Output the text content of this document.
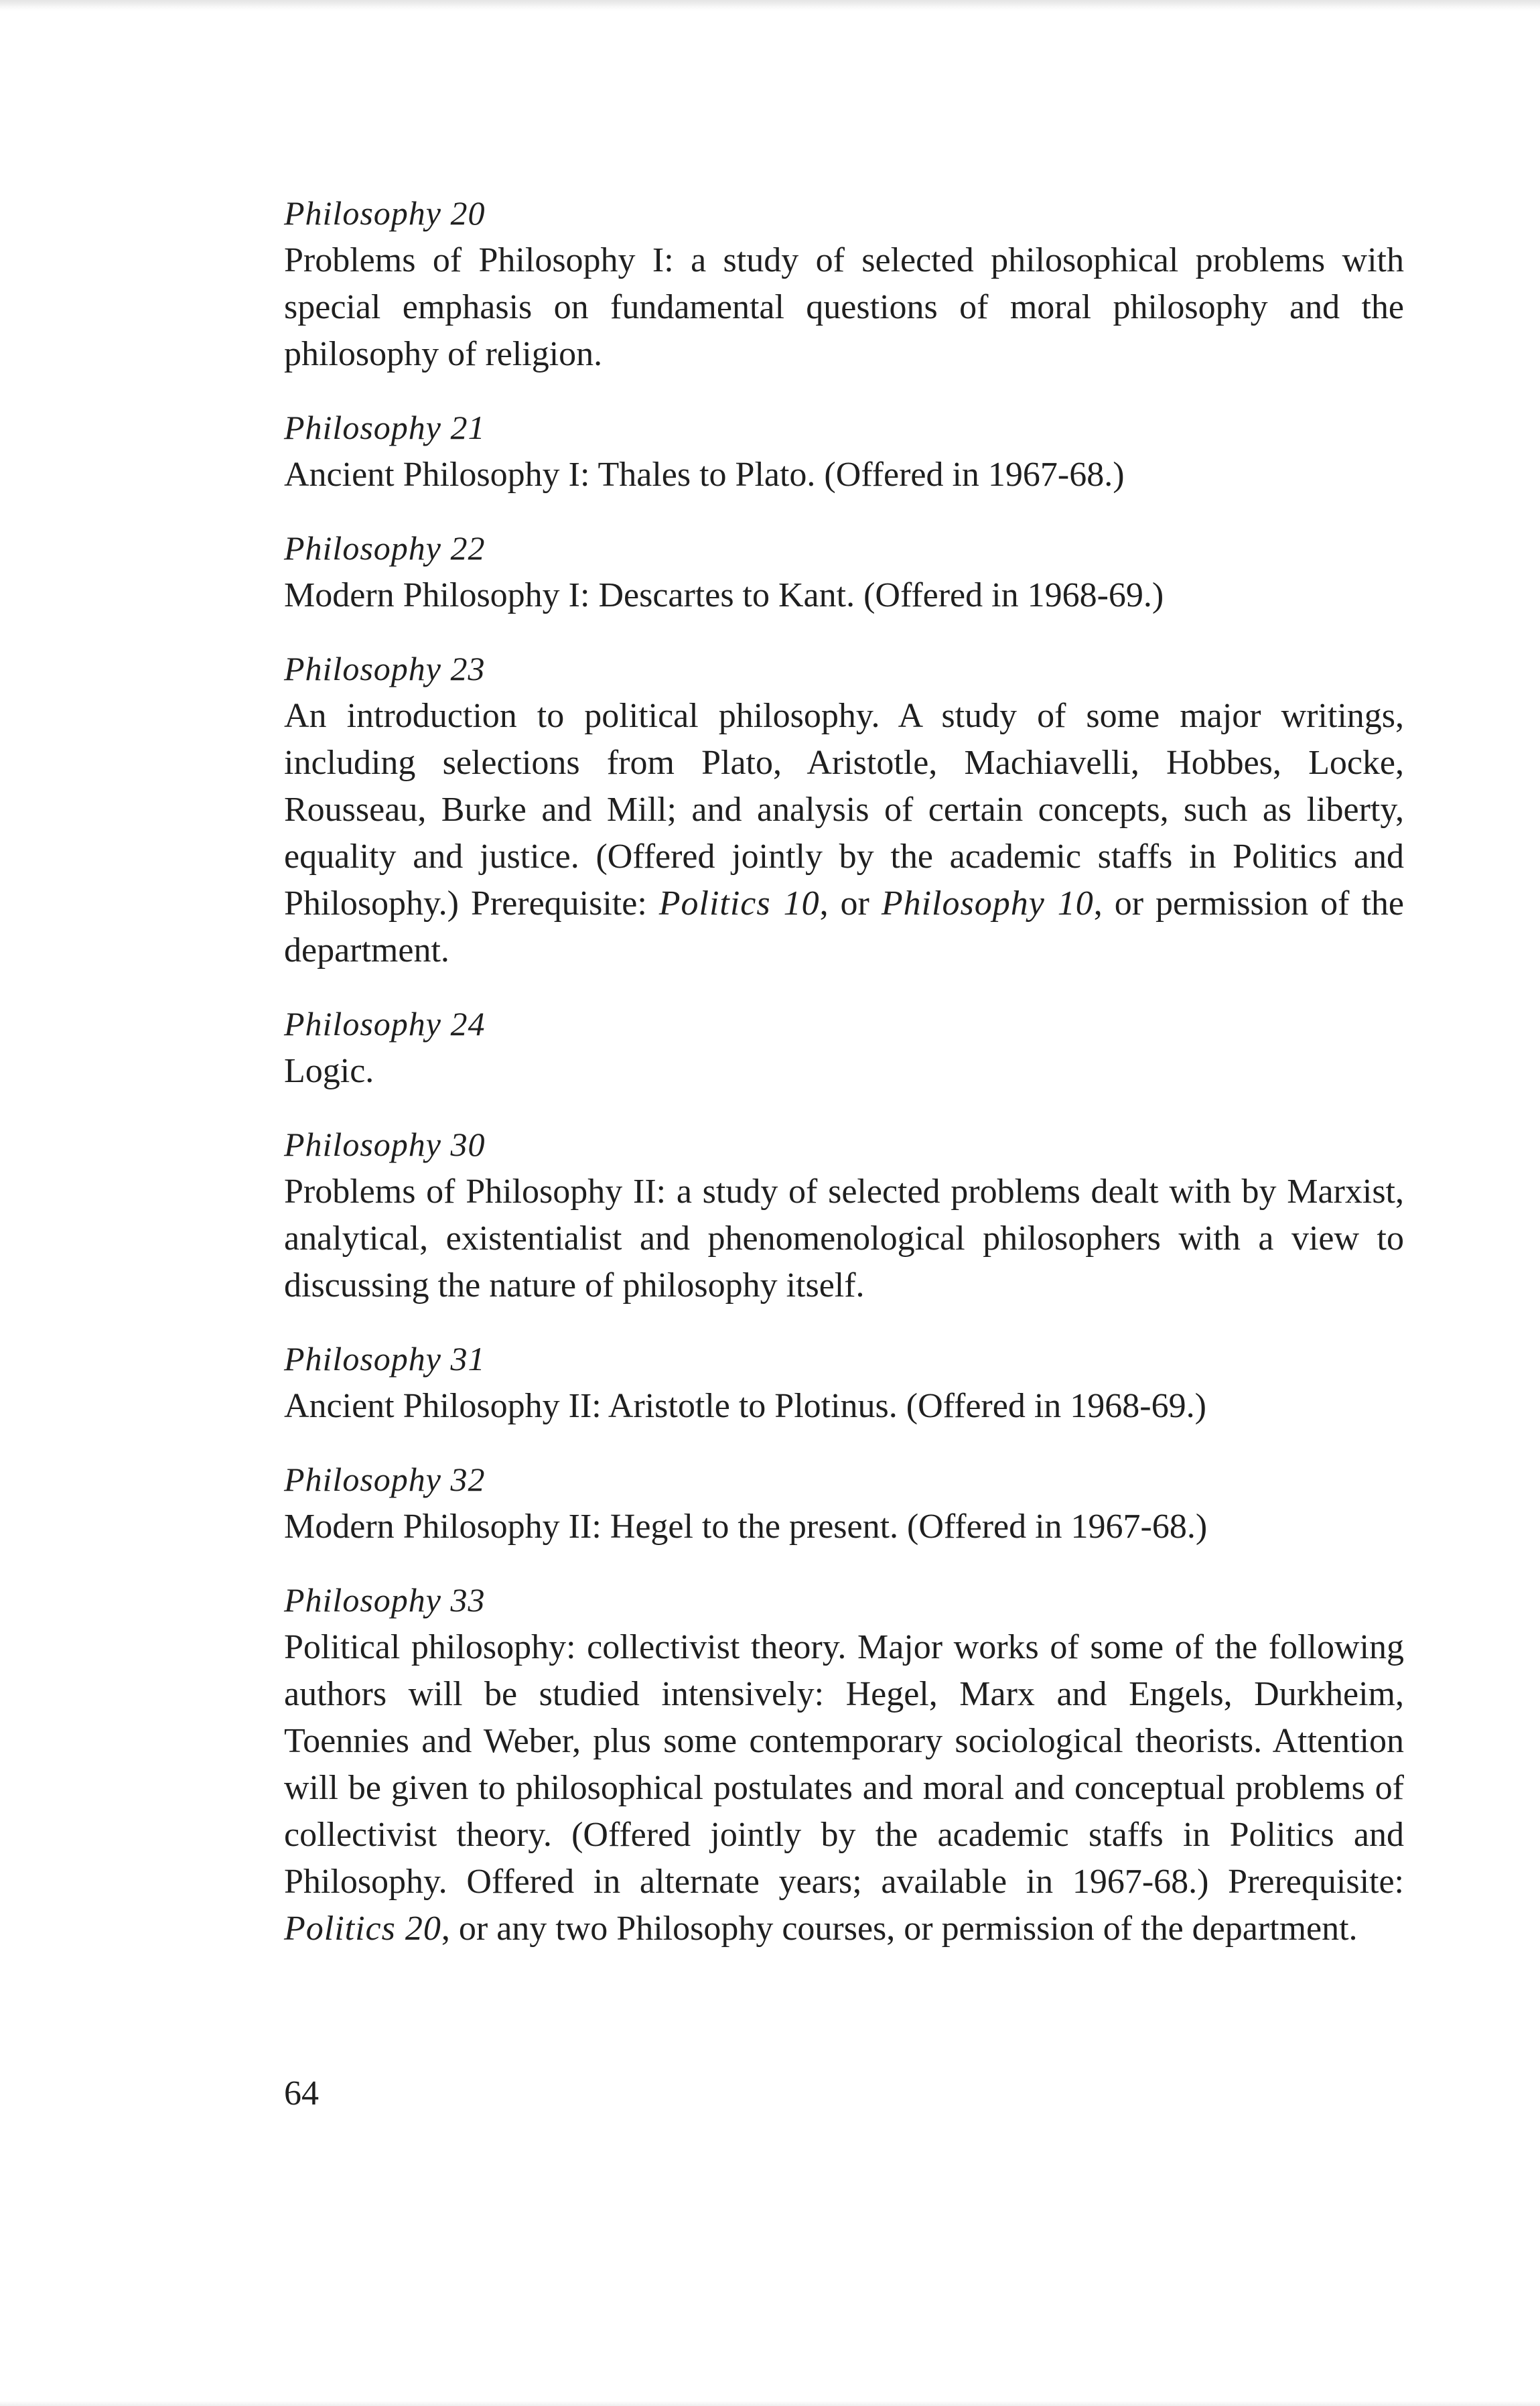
Philosophy 20
Problems of Philosophy I: a study of selected philosophical problems with special emphasis on fundamental questions of moral philosophy and the philosophy of religion.
Philosophy 21
Ancient Philosophy I: Thales to Plato. (Offered in 1967-68.)
Philosophy 22
Modern Philosophy I: Descartes to Kant. (Offered in 1968-69.)
Philosophy 23
An introduction to political philosophy. A study of some major writings, including selections from Plato, Aristotle, Machiavelli, Hobbes, Locke, Rousseau, Burke and Mill; and analysis of certain concepts, such as liberty, equality and justice. (Offered jointly by the academic staffs in Politics and Philosophy.) Prerequisite: Politics 10, or Philosophy 10, or permission of the department.
Philosophy 24
Logic.
Philosophy 30
Problems of Philosophy II: a study of selected problems dealt with by Marxist, analytical, existentialist and phenomenological philosophers with a view to discussing the nature of philosophy itself.
Philosophy 31
Ancient Philosophy II: Aristotle to Plotinus. (Offered in 1968-69.)
Philosophy 32
Modern Philosophy II: Hegel to the present. (Offered in 1967-68.)
Philosophy 33
Political philosophy: collectivist theory. Major works of some of the following authors will be studied intensively: Hegel, Marx and Engels, Durkheim, Toennies and Weber, plus some contemporary sociological theorists. Attention will be given to philosophical postulates and moral and conceptual problems of collectivist theory. (Offered jointly by the academic staffs in Politics and Philosophy. Offered in alternate years; available in 1967-68.) Prerequisite: Politics 20, or any two Philosophy courses, or permission of the department.
64
